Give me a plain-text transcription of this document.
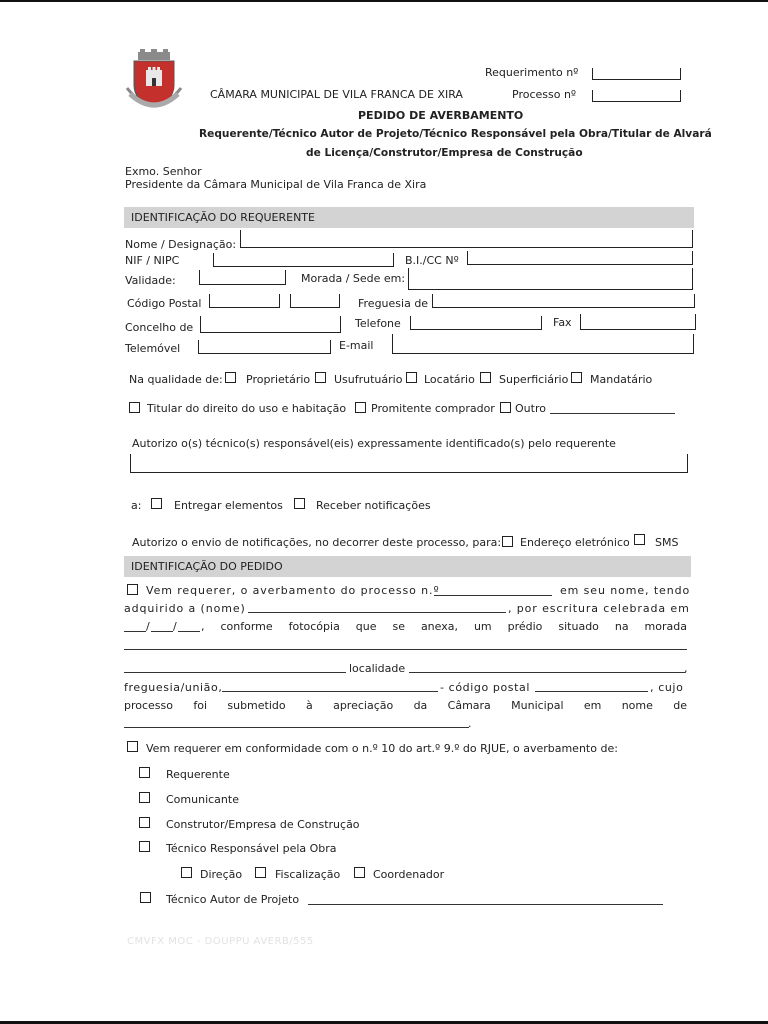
CÂMARA MUNICIPAL DE VILA FRANCA DE XIRA
Requerimento nº
Processo nº
PEDIDO DE AVERBAMENTO
Requerente/Técnico Autor de Projeto/Técnico Responsável pela Obra/Titular de Alvará
de Licença/Construtor/Empresa de Construção
Exmo. Senhor
Presidente da Câmara Municipal de Vila Franca de Xira
IDENTIFICAÇÃO DO REQUERENTE
Nome / Designação:
NIF / NIPC	B.I./CC Nº
Validade:	Morada / Sede em:
Código Postal	Freguesia de
Concelho de	Telefone	Fax
Telemóvel	E-mail
Na qualidade de: Proprietário Usufrutuário Locatário Superficiário Mandatário
Titular do direito do uso e habitação Promitente comprador Outro
Autorizo o(s) técnico(s) responsável(eis) expressamente identificado(s) pelo requerente
a:	Entregar elementos	Receber notificações
Autorizo o envio de notificações, no decorrer deste processo, para: Endereço eletrónico SMS
IDENTIFICAÇÃO DO PEDIDO
Vem requerer, o averbamento do processo n.º	em seu nome, tendo
adquirido a (nome)	, por escritura celebrada em
/ / , conforme fotocópia que se anexa, um prédio situado na morada
localidade	,
freguesia/união,	- código postal	, cujo
processo foi submetido à apreciação da Câmara Municipal em nome de
.
Vem requerer em conformidade com o n.º 10 do art.º 9.º do RJUE, o averbamento de:
Requerente
Comunicante
Construtor/Empresa de Construção
Técnico Responsável pela Obra
Direção	Fiscalização	Coordenador
Técnico Autor de Projeto
CMVFX MOC - DOUPPU AVERB/555
